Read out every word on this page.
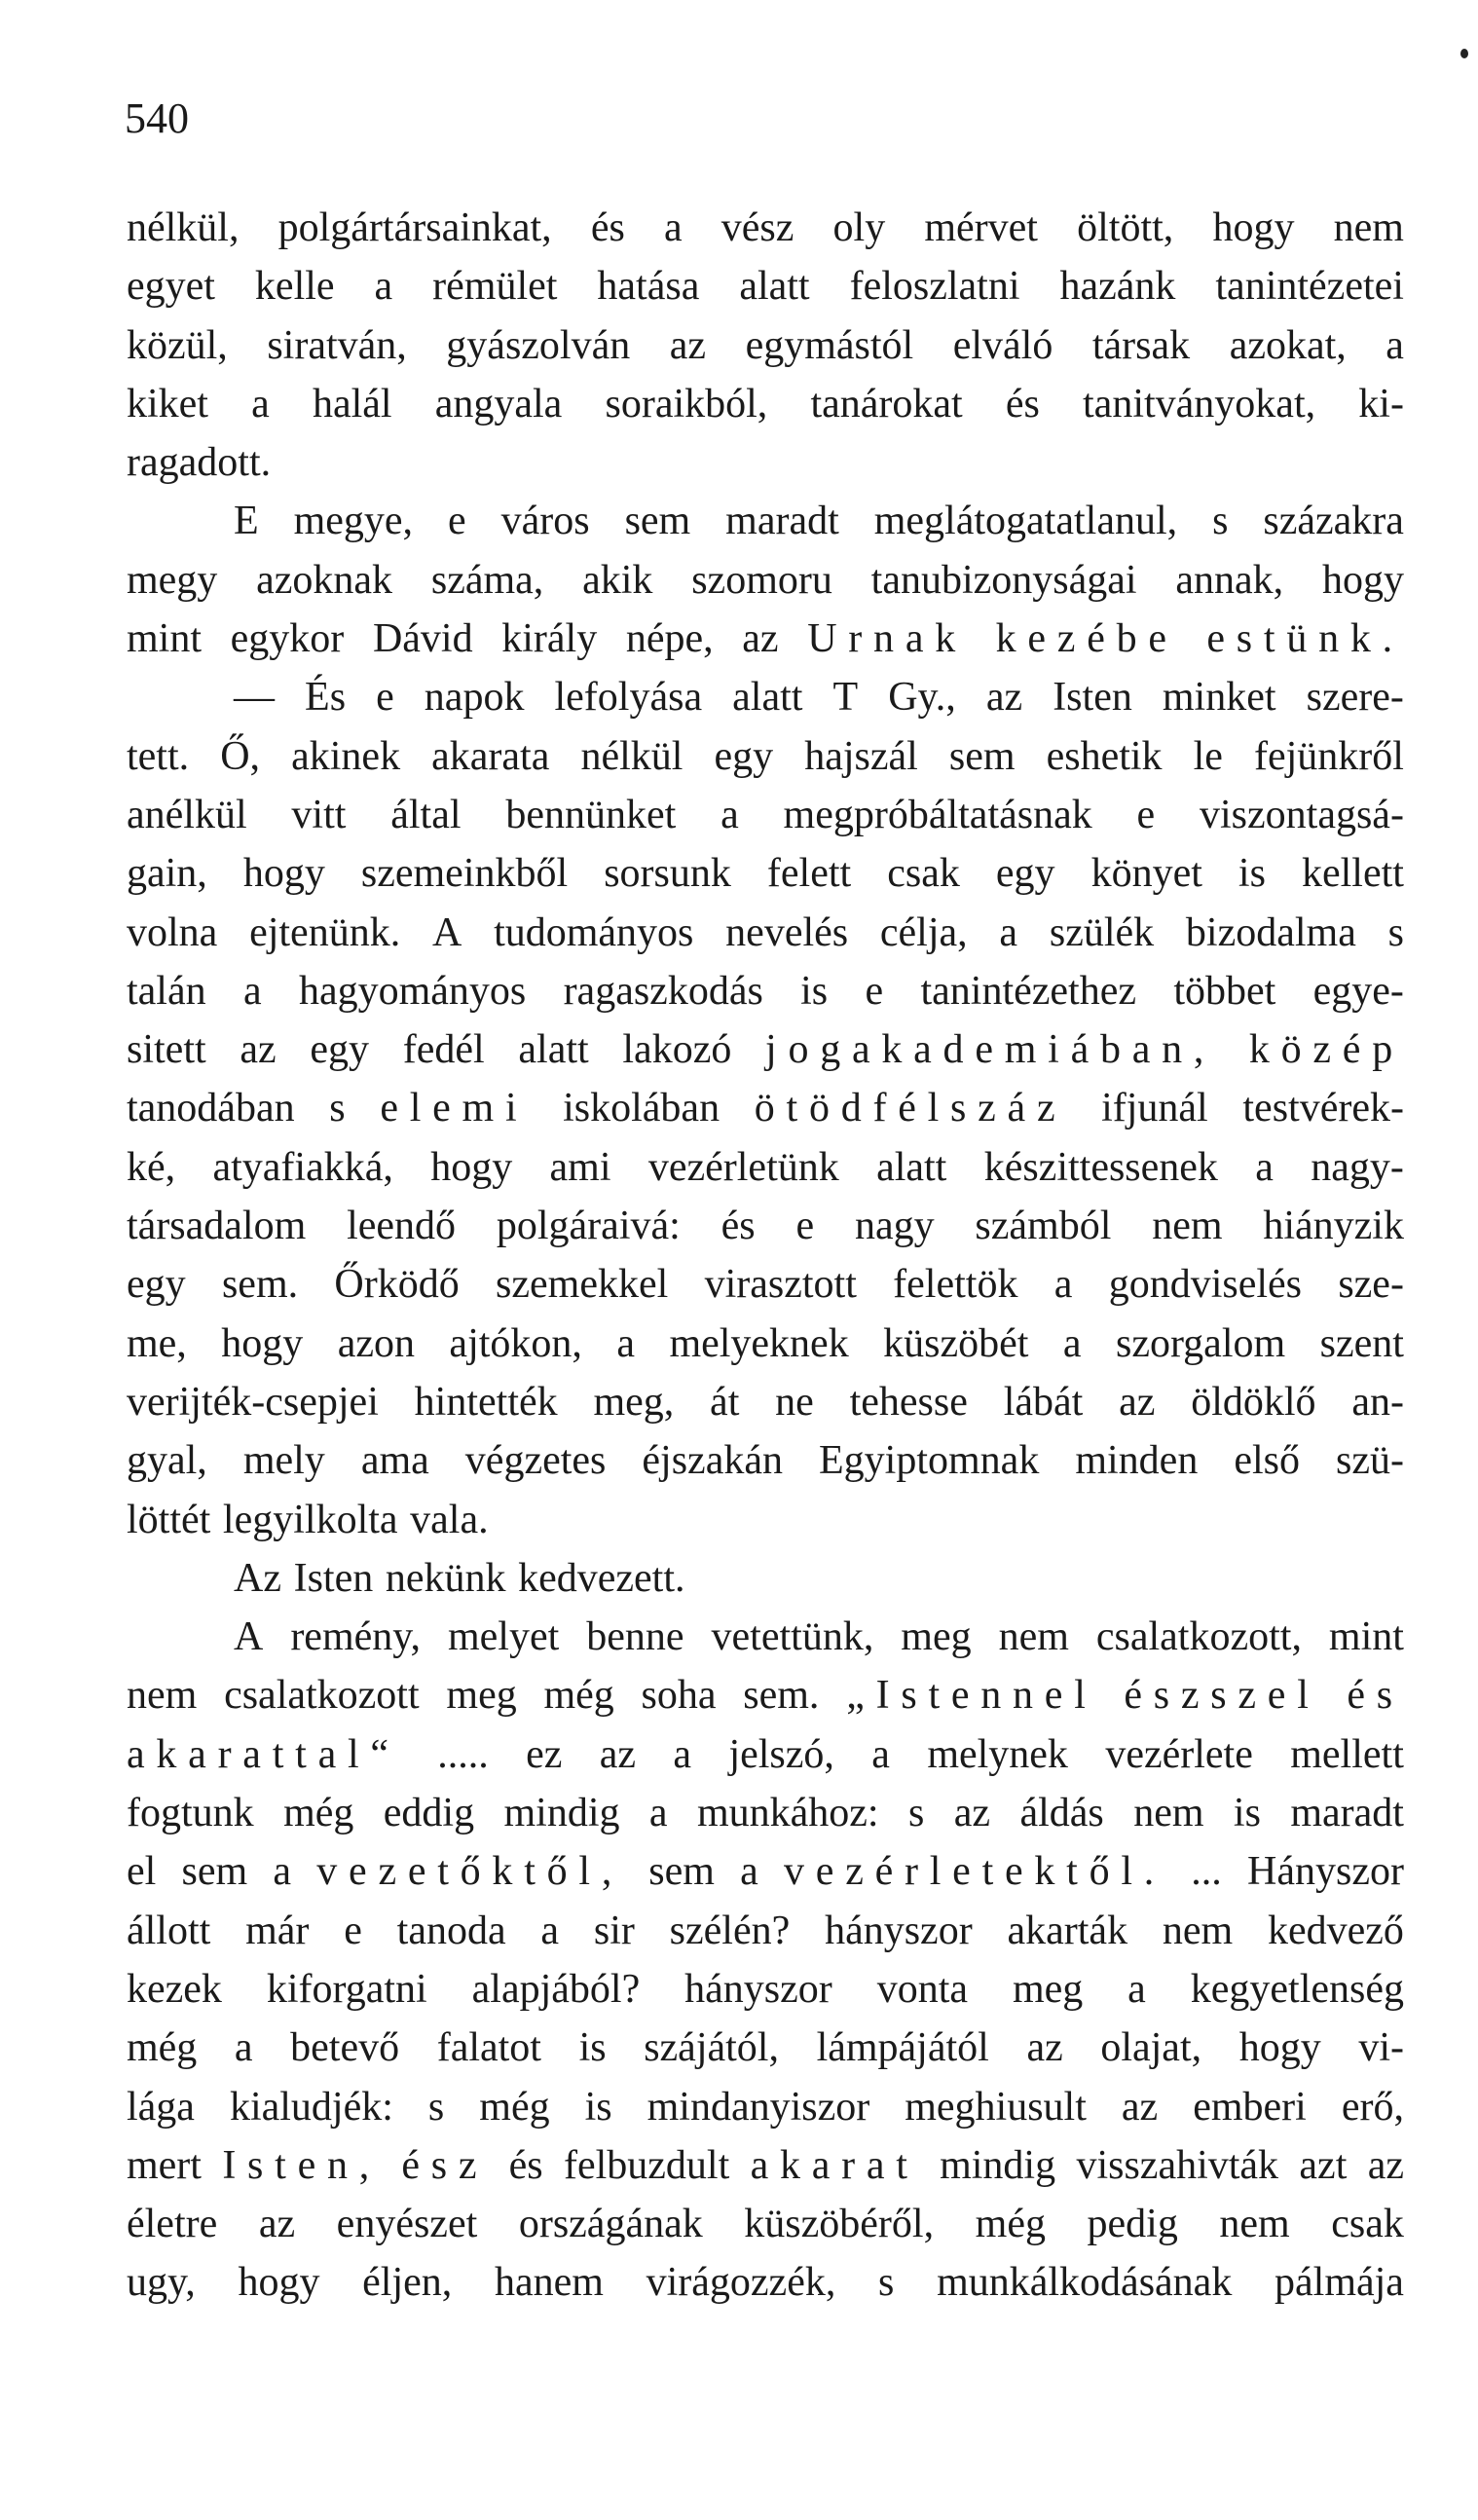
540
nélkül, polgártársainkat, és a vész oly mérvet öltött, hogy nem
egyet kelle a rémület hatása alatt feloszlatni hazánk tanintézetei
közül, siratván, gyászolván az egymástól elváló társak azokat, a
kiket a halál angyala soraikból, tanárokat és tanitványokat, ki-
ragadott.
E megye, e város sem maradt meglátogatatlanul, s százakra
megy azoknak száma, akik szomoru tanubizonyságai annak, hogy
mint egykor Dávid király népe, az Urnak kezébe estünk.
— És e napok lefolyása alatt T Gy., az Isten minket szere-
tett. Ő, akinek akarata nélkül egy hajszál sem eshetik le fejünkről
anélkül vitt által bennünket a megpróbáltatásnak e viszontagsá-
gain, hogy szemeinkből sorsunk felett csak egy könyet is kellett
volna ejtenünk. A tudományos nevelés célja, a szülék bizodalma s
talán a hagyományos ragaszkodás is e tanintézethez többet egye-
sitett az egy fedél alatt lakozó jogakademiában, közép
tanodában s elemi iskolában ötödfélszáz ifjunál testvérek-
ké, atyafiakká, hogy ami vezérletünk alatt készittessenek a nagy-
társadalom leendő polgáraivá: és e nagy számból nem hiányzik
egy sem. Őrködő szemekkel virasztott felettök a gondviselés sze-
me, hogy azon ajtókon, a melyeknek küszöbét a szorgalom szent
verijték-csepjei hintették meg, át ne tehesse lábát az öldöklő an-
gyal, mely ama végzetes éjszakán Egyiptomnak minden első szü-
löttét legyilkolta vala.
Az Isten nekünk kedvezett.
A remény, melyet benne vetettünk, meg nem csalatkozott, mint
nem csalatkozott meg még soha sem. „Istennel észszel és
akarattal“ ..... ez az a jelszó, a melynek vezérlete mellett
fogtunk még eddig mindig a munkához: s az áldás nem is maradt
el sem a vezetőktől, sem a vezérletektől. ... Hányszor
állott már e tanoda a sir szélén? hányszor akarták nem kedvező
kezek kiforgatni alapjából? hányszor vonta meg a kegyetlenség
még a betevő falatot is szájától, lámpájától az olajat, hogy vi-
lága kialudjék: s még is mindanyiszor meghiusult az emberi erő,
mert Isten, ész és felbuzdult akarat mindig visszahivták azt az
életre az enyészet országának küszöbéről, még pedig nem csak
ugy, hogy éljen, hanem virágozzék, s munkálkodásának pálmája
